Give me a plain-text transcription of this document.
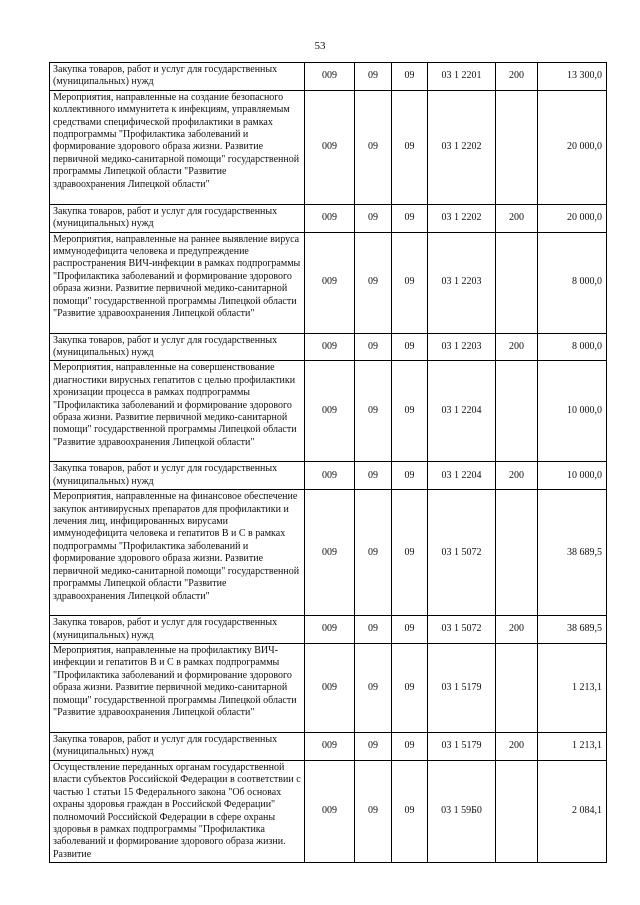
53
Закупка товаров, работ и услуг для государственных (муниципальных) нужд	009	09	09	03 1 2201	200	13 300,0
Мероприятия, направленные на создание безопасного коллективного иммунитета к инфекциям, управляемым средствами специфической профилактики в рамках подпрограммы "Профилактика заболеваний и формирование здорового образа жизни. Развитие первичной медико-санитарной помощи" государственной программы Липецкой области "Развитие здравоохранения Липецкой области"	009	09	09	03 1 2202		20 000,0
Закупка товаров, работ и услуг для государственных (муниципальных) нужд	009	09	09	03 1 2202	200	20 000,0
Мероприятия, направленные на раннее выявление вируса иммунодефицита человека и предупреждение распространения ВИЧ-инфекции в рамках подпрограммы "Профилактика заболеваний и формирование здорового образа жизни. Развитие первичной медико-санитарной помощи" государственной программы Липецкой области "Развитие здравоохранения Липецкой области"	009	09	09	03 1 2203		8 000,0
Закупка товаров, работ и услуг для государственных (муниципальных) нужд	009	09	09	03 1 2203	200	8 000,0
Мероприятия, направленные на совершенствование диагностики вирусных гепатитов с целью профилактики хронизации процесса в рамках подпрограммы "Профилактика заболеваний и формирование здорового образа жизни. Развитие первичной медико-санитарной помощи" государственной программы Липецкой области "Развитие здравоохранения Липецкой области"	009	09	09	03 1 2204		10 000,0
Закупка товаров, работ и услуг для государственных (муниципальных) нужд	009	09	09	03 1 2204	200	10 000,0
Мероприятия, направленные на финансовое обеспечение закупок антивирусных препаратов для профилактики и лечения лиц, инфицированных вирусами иммунодефицита человека и гепатитов В и С в рамках подпрограммы "Профилактика заболеваний и формирование здорового образа жизни. Развитие первичной медико-санитарной помощи" государственной программы Липецкой области "Развитие здравоохранения Липецкой области"	009	09	09	03 1 5072		38 689,5
Закупка товаров, работ и услуг для государственных (муниципальных) нужд	009	09	09	03 1 5072	200	38 689,5
Мероприятия, направленные на профилактику ВИЧ-инфекции и гепатитов В и С в рамках подпрограммы "Профилактика заболеваний и формирование здорового образа жизни. Развитие первичной медико-санитарной помощи" государственной программы Липецкой области "Развитие здравоохранения Липецкой области"	009	09	09	03 1 5179		1 213,1
Закупка товаров, работ и услуг для государственных (муниципальных) нужд	009	09	09	03 1 5179	200	1 213,1
Осуществление переданных органам государственной власти субъектов Российской Федерации в соответствии с частью 1 статьи 15 Федерального закона "Об основах охраны здоровья граждан в Российской Федерации" полномочий Российской Федерации в сфере охраны здоровья в рамках подпрограммы "Профилактика заболеваний и формирование здорового образа жизни. Развитие	009	09	09	03 1 59Б0		2 084,1
